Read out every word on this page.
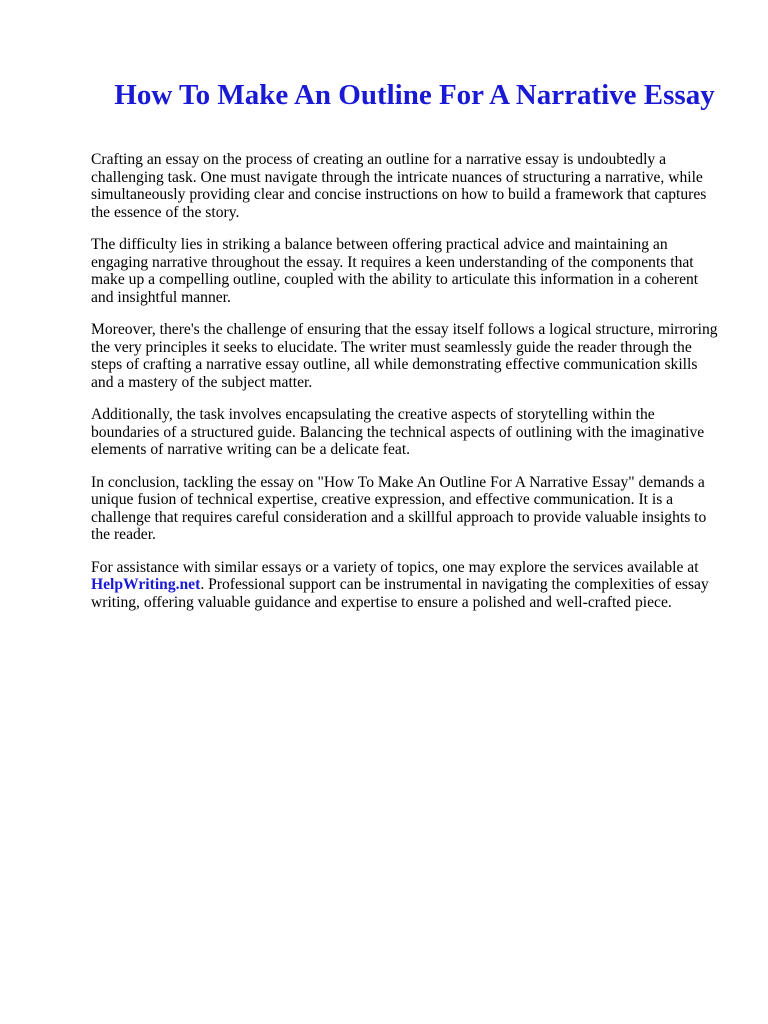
How To Make An Outline For A Narrative Essay

Crafting an essay on the process of creating an outline for a narrative essay is undoubtedly a challenging task. One must navigate through the intricate nuances of structuring a narrative, while simultaneously providing clear and concise instructions on how to build a framework that captures the essence of the story.

The difficulty lies in striking a balance between offering practical advice and maintaining an engaging narrative throughout the essay. It requires a keen understanding of the components that make up a compelling outline, coupled with the ability to articulate this information in a coherent and insightful manner.

Moreover, there's the challenge of ensuring that the essay itself follows a logical structure, mirroring the very principles it seeks to elucidate. The writer must seamlessly guide the reader through the steps of crafting a narrative essay outline, all while demonstrating effective communication skills and a mastery of the subject matter.

Additionally, the task involves encapsulating the creative aspects of storytelling within the boundaries of a structured guide. Balancing the technical aspects of outlining with the imaginative elements of narrative writing can be a delicate feat.

In conclusion, tackling the essay on "How To Make An Outline For A Narrative Essay" demands a unique fusion of technical expertise, creative expression, and effective communication. It is a challenge that requires careful consideration and a skillful approach to provide valuable insights to the reader.

For assistance with similar essays or a variety of topics, one may explore the services available at HelpWriting.net. Professional support can be instrumental in navigating the complexities of essay writing, offering valuable guidance and expertise to ensure a polished and well-crafted piece.
